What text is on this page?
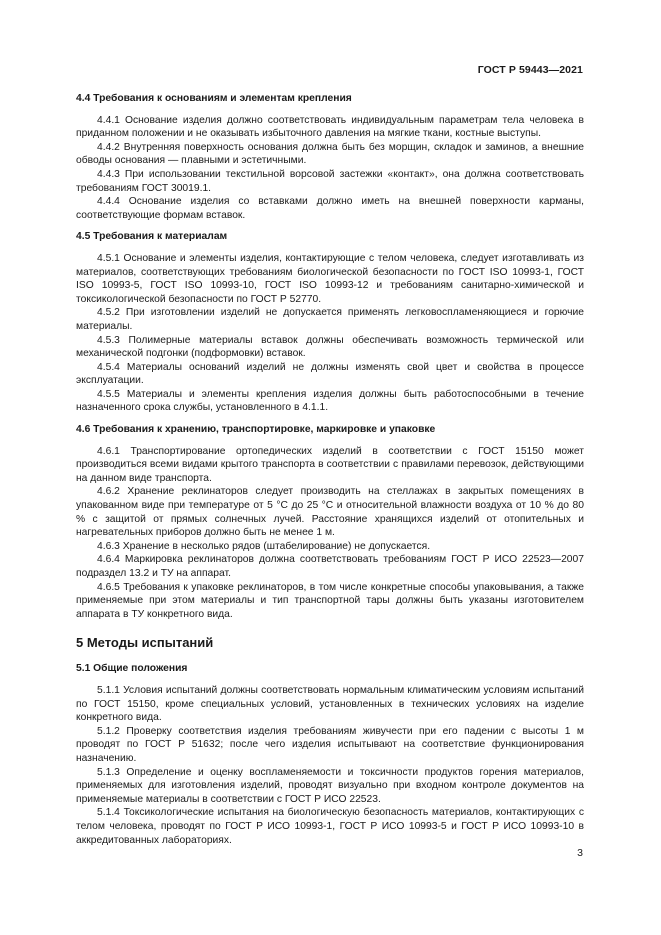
ГОСТ Р 59443—2021
4.4 Требования к основаниям и элементам крепления

4.4.1 Основание изделия должно соответствовать индивидуальным параметрам тела человека в приданном положении и не оказывать избыточного давления на мягкие ткани, костные выступы.

4.4.2 Внутренняя поверхность основания должна быть без морщин, складок и заминов, а внешние обводы основания — плавными и эстетичными.

4.4.3 При использовании текстильной ворсовой застежки «контакт», она должна соответствовать требованиям ГОСТ 30019.1.

4.4.4 Основание изделия со вставками должно иметь на внешней поверхности карманы, соответствующие формам вставок.

4.5 Требования к материалам

4.5.1 Основание и элементы изделия, контактирующие с телом человека, следует изготавливать из материалов, соответствующих требованиям биологической безопасности по ГОСТ ISO 10993-1, ГОСТ ISO 10993-5, ГОСТ ISO 10993-10, ГОСТ ISO 10993-12 и требованиям санитарно-химической и токсикологической безопасности по ГОСТ Р 52770.

4.5.2 При изготовлении изделий не допускается применять легковоспламеняющиеся и горючие материалы.

4.5.3 Полимерные материалы вставок должны обеспечивать возможность термической или механической подгонки (подформовки) вставок.

4.5.4 Материалы оснований изделий не должны изменять свой цвет и свойства в процессе эксплуатации.

4.5.5 Материалы и элементы крепления изделия должны быть работоспособными в течение назначенного срока службы, установленного в 4.1.1.

4.6 Требования к хранению, транспортировке, маркировке и упаковке

4.6.1 Транспортирование ортопедических изделий в соответствии с ГОСТ 15150 может производиться всеми видами крытого транспорта в соответствии с правилами перевозок, действующими на данном виде транспорта.

4.6.2 Хранение реклинаторов следует производить на стеллажах в закрытых помещениях в упакованном виде при температуре от 5 °С до 25 °С и относительной влажности воздуха от 10 % до 80 % с защитой от прямых солнечных лучей. Расстояние хранящихся изделий от отопительных и нагревательных приборов должно быть не менее 1 м.

4.6.3 Хранение в несколько рядов (штабелирование) не допускается.

4.6.4 Маркировка реклинаторов должна соответствовать требованиям ГОСТ Р ИСО 22523—2007 подраздел 13.2 и ТУ на аппарат.

4.6.5 Требования к упаковке реклинаторов, в том числе конкретные способы упаковывания, а также применяемые при этом материалы и тип транспортной тары должны быть указаны изготовителем аппарата в ТУ конкретного вида.

5 Методы испытаний
5.1 Общие положения

5.1.1 Условия испытаний должны соответствовать нормальным климатическим условиям испытаний по ГОСТ 15150, кроме специальных условий, установленных в технических условиях на изделие конкретного вида.

5.1.2 Проверку соответствия изделия требованиям живучести при его падении с высоты 1 м проводят по ГОСТ Р 51632; после чего изделия испытывают на соответствие функционирования назначению.

5.1.3 Определение и оценку воспламеняемости и токсичности продуктов горения материалов, применяемых для изготовления изделий, проводят визуально при входном контроле документов на применяемые материалы в соответствии с ГОСТ Р ИСО 22523.

5.1.4 Токсикологические испытания на биологическую безопасность материалов, контактирующих с телом человека, проводят по ГОСТ Р ИСО 10993-1, ГОСТ Р ИСО 10993-5 и ГОСТ Р ИСО 10993-10 в аккредитованных лабораториях.

3
